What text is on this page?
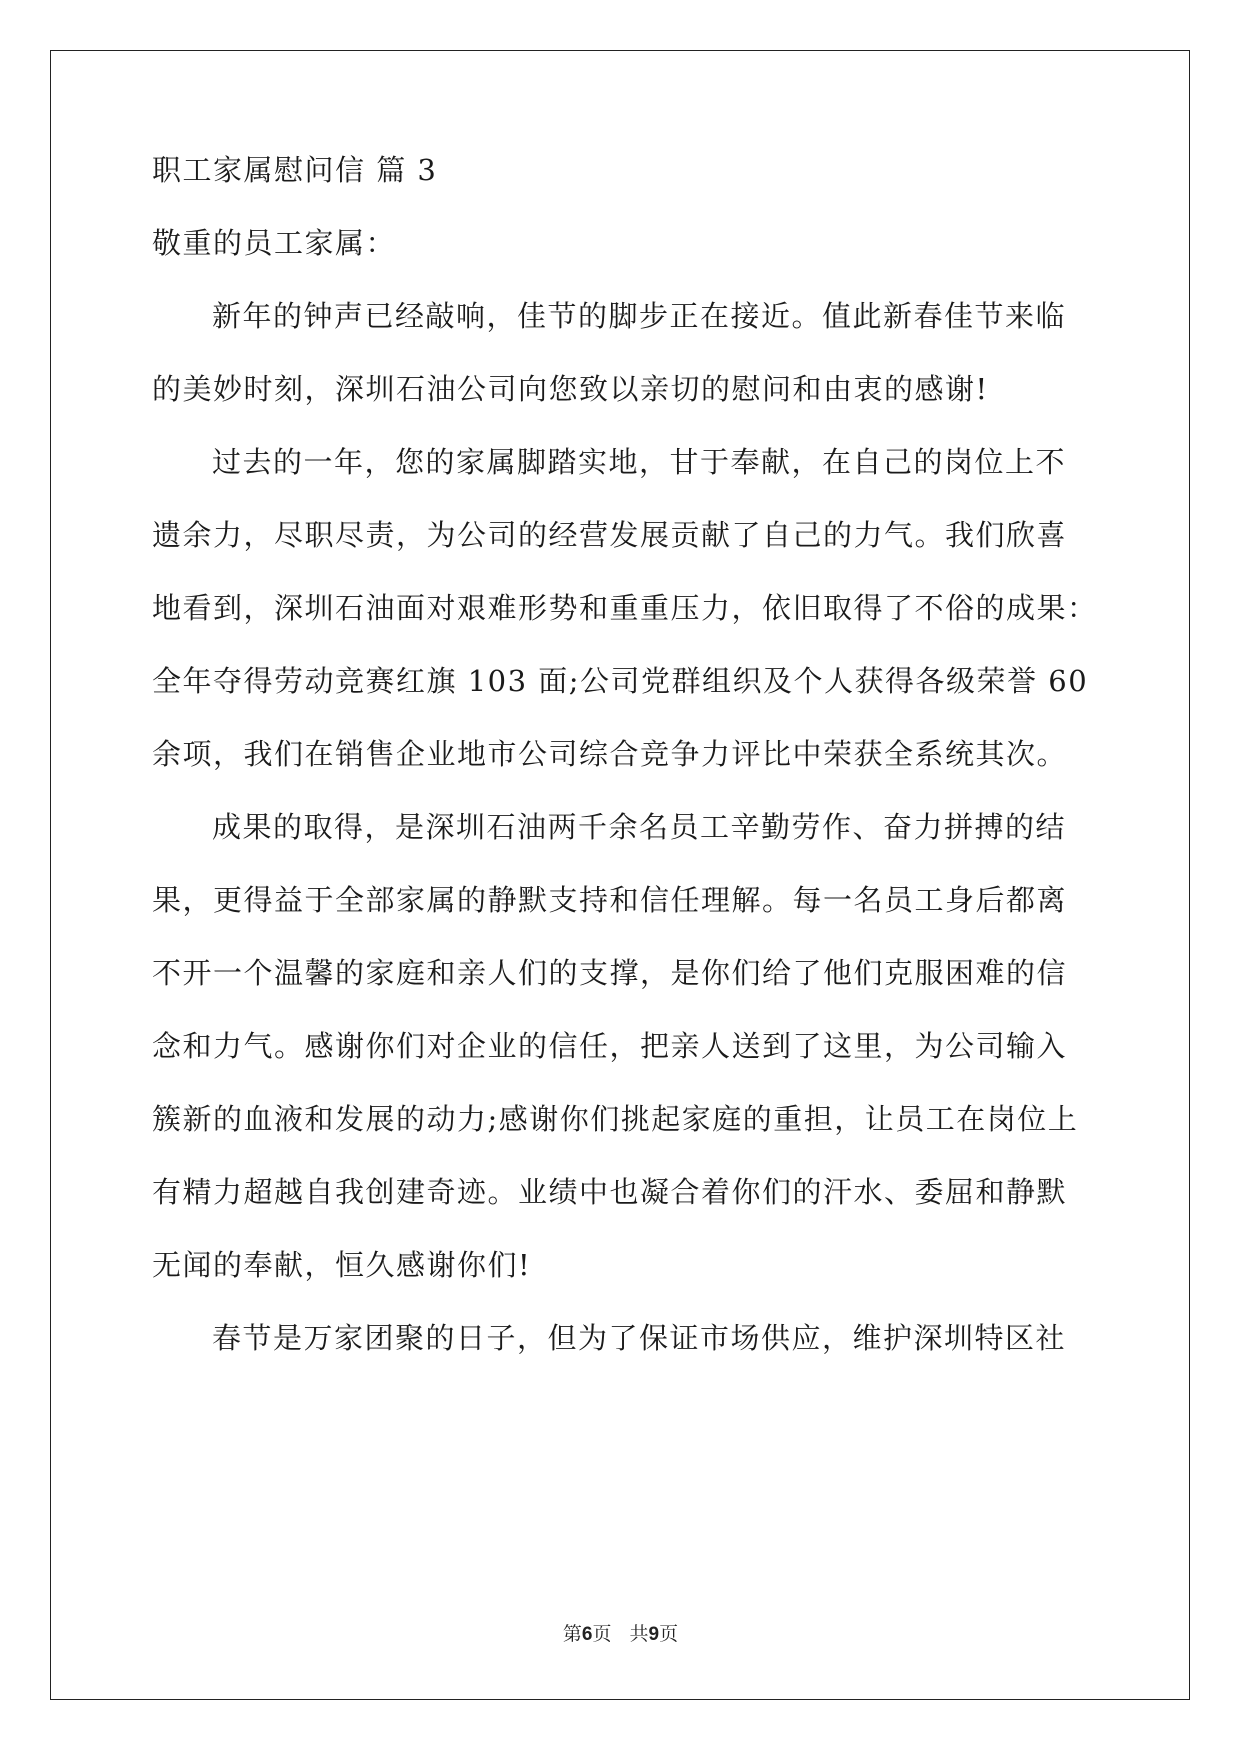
职工家属慰问信 篇 3
敬重的员工家属：
新年的钟声已经敲响，佳节的脚步正在接近。值此新春佳节来临
的美妙时刻，深圳石油公司向您致以亲切的慰问和由衷的感谢!
过去的一年，您的家属脚踏实地，甘于奉献，在自己的岗位上不
遗余力，尽职尽责，为公司的经营发展贡献了自己的力气。我们欣喜
地看到，深圳石油面对艰难形势和重重压力，依旧取得了不俗的成果：
全年夺得劳动竞赛红旗 103 面;公司党群组织及个人获得各级荣誉 60
余项，我们在销售企业地市公司综合竞争力评比中荣获全系统其次。
成果的取得，是深圳石油两千余名员工辛勤劳作、奋力拼搏的结
果，更得益于全部家属的静默支持和信任理解。每一名员工身后都离
不开一个温馨的家庭和亲人们的支撑，是你们给了他们克服困难的信
念和力气。感谢你们对企业的信任，把亲人送到了这里，为公司输入
簇新的血液和发展的动力;感谢你们挑起家庭的重担，让员工在岗位上
有精力超越自我创建奇迹。业绩中也凝合着你们的汗水、委屈和静默
无闻的奉献，恒久感谢你们!
春节是万家团聚的日子，但为了保证市场供应，维护深圳特区社
第6页 共9页
